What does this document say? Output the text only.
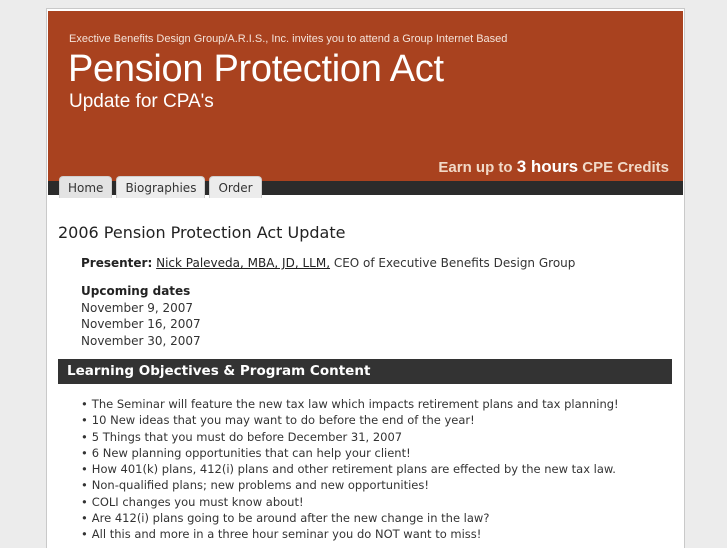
Exective Benefits Design Group/A.R.I.S., Inc. invites you to attend a Group Internet Based
Pension Protection Act
Update for CPA's
Earn up to 3 hours CPE Credits
Home	Biographies	Order
2006 Pension Protection Act Update
Presenter: Nick Paleveda, MBA, JD, LLM, CEO of Executive Benefits Design Group
Upcoming dates
November 9, 2007
November 16, 2007
November 30, 2007
Learning Objectives & Program Content
• The Seminar will feature the new tax law which impacts retirement plans and tax planning!
• 10 New ideas that you may want to do before the end of the year!
• 5 Things that you must do before December 31, 2007
• 6 New planning opportunities that can help your client!
• How 401(k) plans, 412(i) plans and other retirement plans are effected by the new tax law.
• Non-qualified plans; new problems and new opportunities!
• COLI changes you must know about!
• Are 412(i) plans going to be around after the new change in the law?
• All this and more in a three hour seminar you do NOT want to miss!
